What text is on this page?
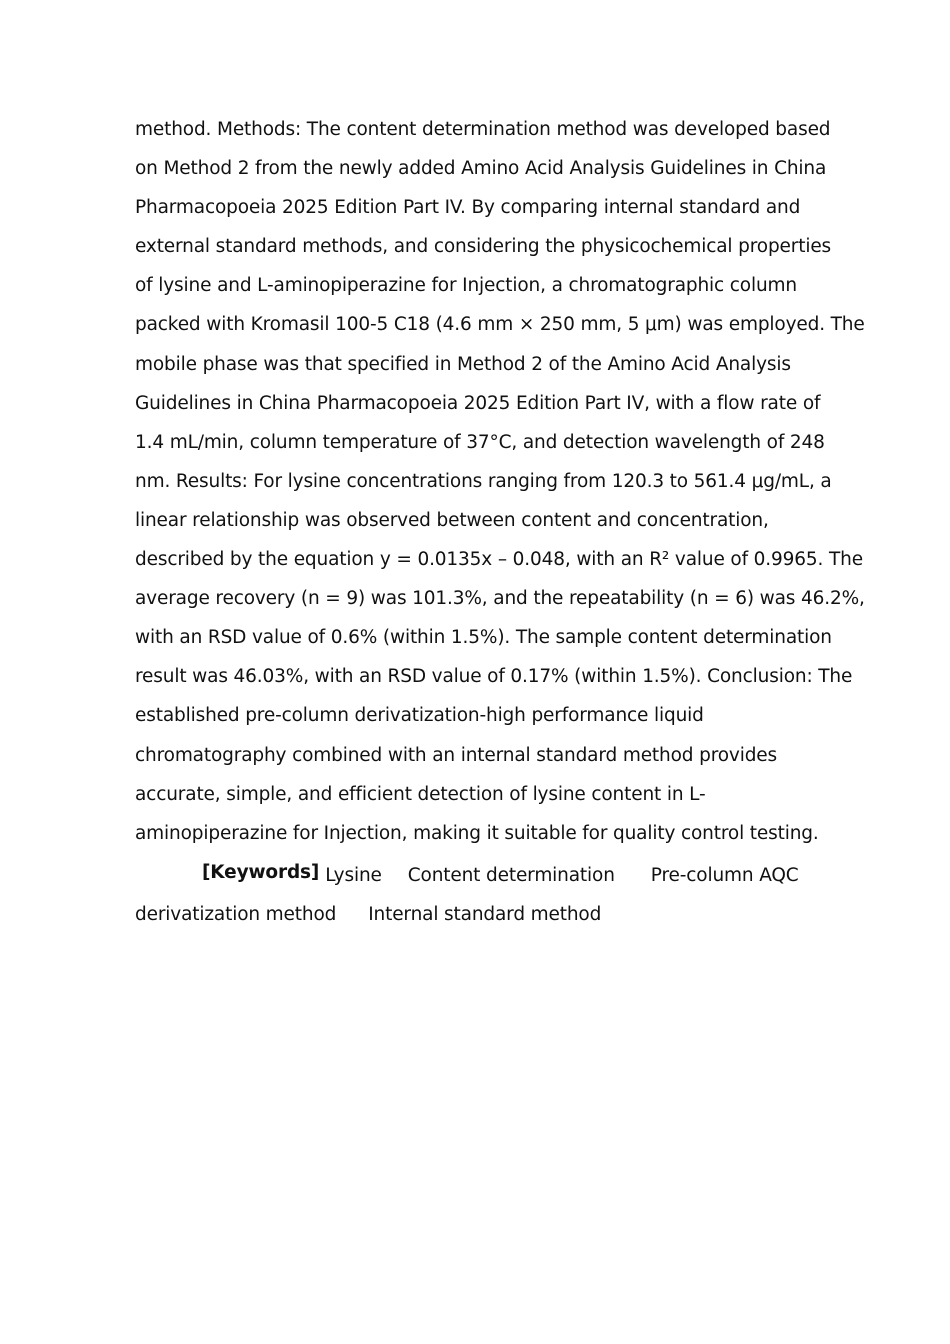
method. Methods: The content determination method was developed based
on Method 2 from the newly added Amino Acid Analysis Guidelines in China
Pharmacopoeia 2025 Edition Part IV. By comparing internal standard and
external standard methods, and considering the physicochemical properties
of lysine and L-aminopiperazine for Injection, a chromatographic column
packed with Kromasil 100-5 C18 (4.6 mm × 250 mm, 5 μm) was employed. The
mobile phase was that specified in Method 2 of the Amino Acid Analysis
Guidelines in China Pharmacopoeia 2025 Edition Part IV, with a flow rate of
1.4 mL/min, column temperature of 37°C, and detection wavelength of 248
nm. Results: For lysine concentrations ranging from 120.3 to 561.4 μg/mL, a
linear relationship was observed between content and concentration,
described by the equation y = 0.0135x – 0.048, with an R² value of 0.9965. The
average recovery (n = 9) was 101.3%, and the repeatability (n = 6) was 46.2%,
with an RSD value of 0.6% (within 1.5%). The sample content determination
result was 46.03%, with an RSD value of 0.17% (within 1.5%). Conclusion: The
established pre-column derivatization-high performance liquid
chromatography combined with an internal standard method provides
accurate, simple, and efficient detection of lysine content in L-
aminopiperazine for Injection, making it suitable for quality control testing.
[Keywords] Lysine Content determination Pre-column AQC
derivatization method Internal standard method
